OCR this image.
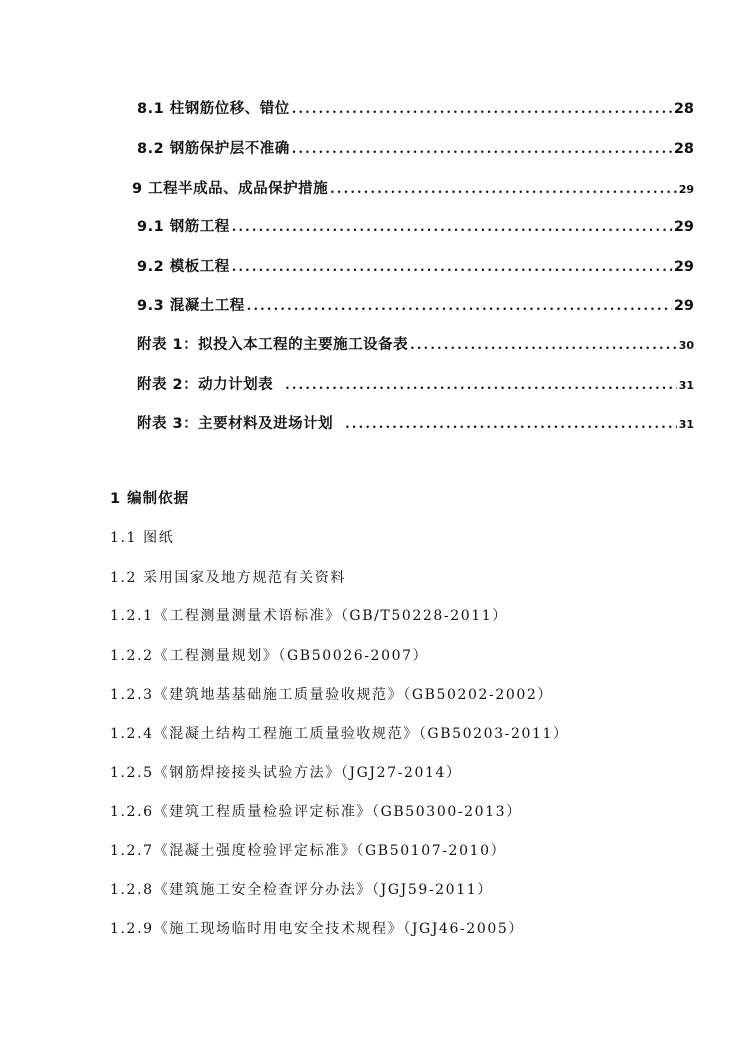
8.1 柱钢筋位移、错位 .....	28
8.2 钢筋保护层不准确 .....	28
9 工程半成品、成品保护措施 .....	29
9.1 钢筋工程 .....	29
9.2 模板工程 .....	29
9.3 混凝土工程 .....	29
附表 1：拟投入本工程的主要施工设备表 .....	30
附表 2：动力计划表 .....	31
附表 3：主要材料及进场计划 .....	31
1 编制依据
1.1 图纸
1.2 采用国家及地方规范有关资料
1.2.1《工程测量测量术语标准》（GB/T50228-2011）
1.2.2《工程测量规划》（GB50026-2007）
1.2.3《建筑地基基础施工质量验收规范》（GB50202-2002）
1.2.4《混凝土结构工程施工质量验收规范》（GB50203-2011）
1.2.5《钢筋焊接接头试验方法》（JGJ27-2014）
1.2.6《建筑工程质量检验评定标准》（GB50300-2013）
1.2.7《混凝土强度检验评定标准》（GB50107-2010）
1.2.8《建筑施工安全检查评分办法》（JGJ59-2011）
1.2.9《施工现场临时用电安全技术规程》（JGJ46-2005）
